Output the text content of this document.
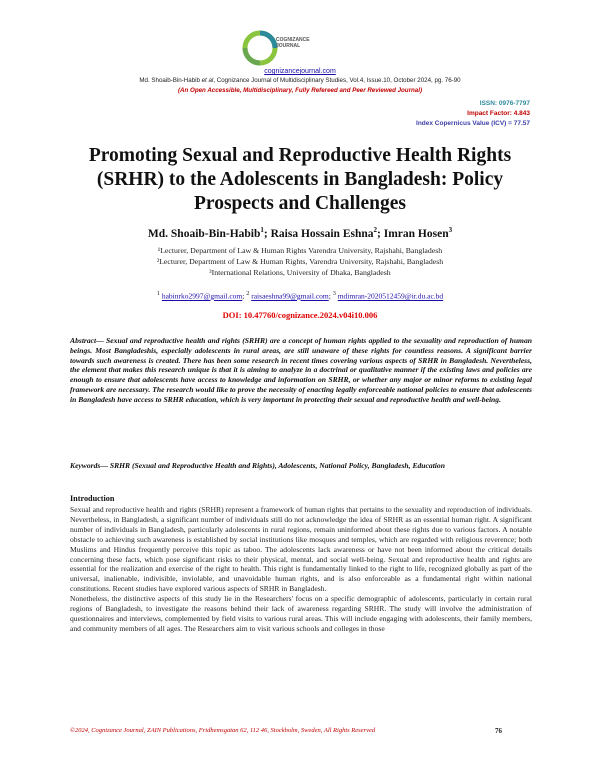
COGNIZANCE JOURNAL
cognizancejournal.com
Md. Shoaib-Bin-Habib et al, Cognizance Journal of Multidisciplinary Studies, Vol.4, Issue.10, October 2024, pg. 76-90
(An Open Accessible, Multidisciplinary, Fully Refereed and Peer Reviewed Journal)
ISSN: 0976-7797
Impact Factor: 4.843
Index Copernicus Value (ICV) = 77.57
Promoting Sexual and Reproductive Health Rights (SRHR) to the Adolescents in Bangladesh: Policy Prospects and Challenges
Md. Shoaib-Bin-Habib$^1$; Raisa Hossain Eshna$^2$; Imran Hosen$^3$
¹Lecturer, Department of Law & Human Rights Varendra University, Rajshahi, Bangladesh
²Lecturer, Department of Law & Human Rights, Varendra University, Rajshahi, Bangladesh
³International Relations, University of Dhaka, Bangladesh
$^1$ habinrko2997@gmail.com; $^2$ raisaeshna99@gmail.com; $^3$ mdimran-2020512459@ir.du.ac.bd
DOI: 10.47760/cognizance.2024.v04i10.006

Abstract— Sexual and reproductive health and rights (SRHR) are a concept of human rights applied to the sexuality and reproduction of human beings. Most Bangladeshis, especially adolescents in rural areas, are still unaware of these rights for countless reasons. A significant barrier towards such awareness is created. There has been some research in recent times covering various aspects of SRHR in Bangladesh. Nevertheless, the element that makes this research unique is that it is aiming to analyze in a doctrinal or qualitative manner if the existing laws and policies are enough to ensure that adolescents have access to knowledge and information on SRHR, or whether any major or minor reforms to existing legal framework are necessary. The research would like to prove the necessity of enacting legally enforceable national policies to ensure that adolescents in Bangladesh have access to SRHR education, which is very important in protecting their sexual and reproductive health and well-being.

Keywords— SRHR (Sexual and Reproductive Health and Rights), Adolescents, National Policy, Bangladesh, Education

Introduction
Sexual and reproductive health and rights (SRHR) represent a framework of human rights that pertains to the sexuality and reproduction of individuals. Nevertheless, in Bangladesh, a significant number of individuals still do not acknowledge the idea of SRHR as an essential human right. A significant number of individuals in Bangladesh, particularly adolescents in rural regions, remain uninformed about these rights due to various factors. A notable obstacle to achieving such awareness is established by social institutions like mosques and temples, which are regarded with religious reverence; both Muslims and Hindus frequently perceive this topic as taboo. The adolescents lack awareness or have not been informed about the critical details concerning these facts, which pose significant risks to their physical, mental, and social well-being. Sexual and reproductive health and rights are essential for the realization and exercise of the right to health. This right is fundamentally linked to the right to life, recognized globally as part of the universal, inalienable, indivisible, inviolable, and unavoidable human rights, and is also enforceable as a fundamental right within national constitutions. Recent studies have explored various aspects of SRHR in Bangladesh.
Nonetheless, the distinctive aspects of this study lie in the Researchers' focus on a specific demographic of adolescents, particularly in certain rural regions of Bangladesh, to investigate the reasons behind their lack of awareness regarding SRHR. The study will involve the administration of questionnaires and interviews, complemented by field visits to various rural areas. This will include engaging with adolescents, their family members, and community members of all ages. The Researchers aim to visit various schools and colleges in those
©2024, Cognizance Journal, ZAIN Publications, Fridhemsgatan 62, 112 46, Stockholm, Sweden, All Rights Reserved	76
